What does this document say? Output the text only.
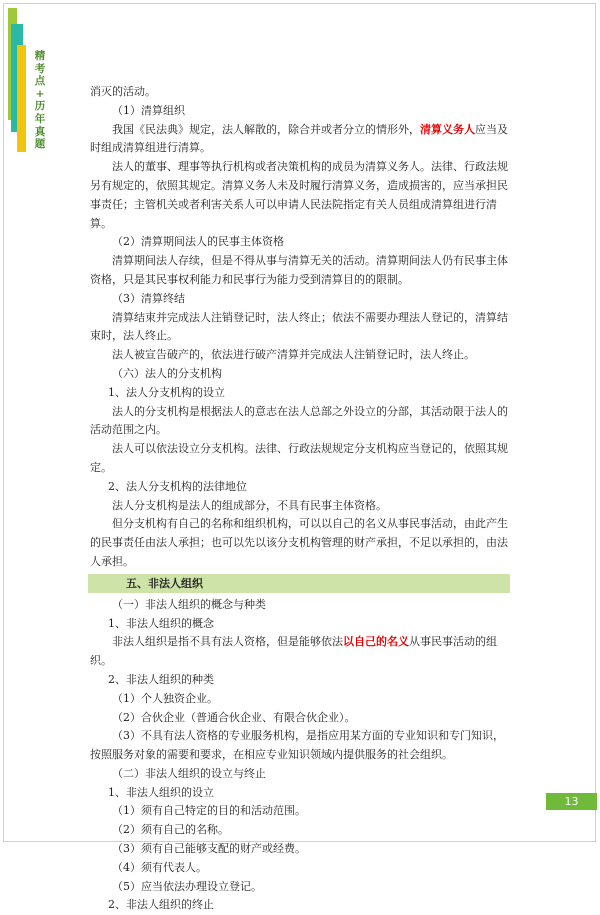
精
考
点
+
历
年
真
题

消灭的活动。

（1）清算组织

我国《民法典》规定，法人解散的，除合并或者分立的情形外，清算义务人应当及时组成清算组进行清算。

法人的董事、理事等执行机构或者决策机构的成员为清算义务人。法律、行政法规另有规定的，依照其规定。清算义务人未及时履行清算义务，造成损害的，应当承担民事责任；主管机关或者利害关系人可以申请人民法院指定有关人员组成清算组进行清算。

（2）清算期间法人的民事主体资格

清算期间法人存续，但是不得从事与清算无关的活动。清算期间法人仍有民事主体资格，只是其民事权利能力和民事行为能力受到清算目的的限制。

（3）清算终结

清算结束并完成法人注销登记时，法人终止；依法不需要办理法人登记的，清算结束时，法人终止。

法人被宣告破产的，依法进行破产清算并完成法人注销登记时，法人终止。

（六）法人的分支机构

1、法人分支机构的设立

法人的分支机构是根据法人的意志在法人总部之外设立的分部，其活动限于法人的活动范围之内。

法人可以依法设立分支机构。法律、行政法规规定分支机构应当登记的，依照其规定。

2、法人分支机构的法律地位

法人分支机构是法人的组成部分，不具有民事主体资格。

但分支机构有自己的名称和组织机构，可以以自己的名义从事民事活动，由此产生的民事责任由法人承担；也可以先以该分支机构管理的财产承担，不足以承担的，由法人承担。

五、非法人组织

（一）非法人组织的概念与种类

1、非法人组织的概念

非法人组织是指不具有法人资格，但是能够依法以自己的名义从事民事活动的组织。

2、非法人组织的种类

（1）个人独资企业。

（2）合伙企业（普通合伙企业、有限合伙企业）。

（3）不具有法人资格的专业服务机构，是指应用某方面的专业知识和专门知识，按照服务对象的需要和要求，在相应专业知识领域内提供服务的社会组织。

（二）非法人组织的设立与终止

1、非法人组织的设立

（1）须有自己特定的目的和活动范围。

（2）须有自己的名称。

（3）须有自己能够支配的财产或经费。

（4）须有代表人。

（5）应当依法办理设立登记。

2、非法人组织的终止

13
